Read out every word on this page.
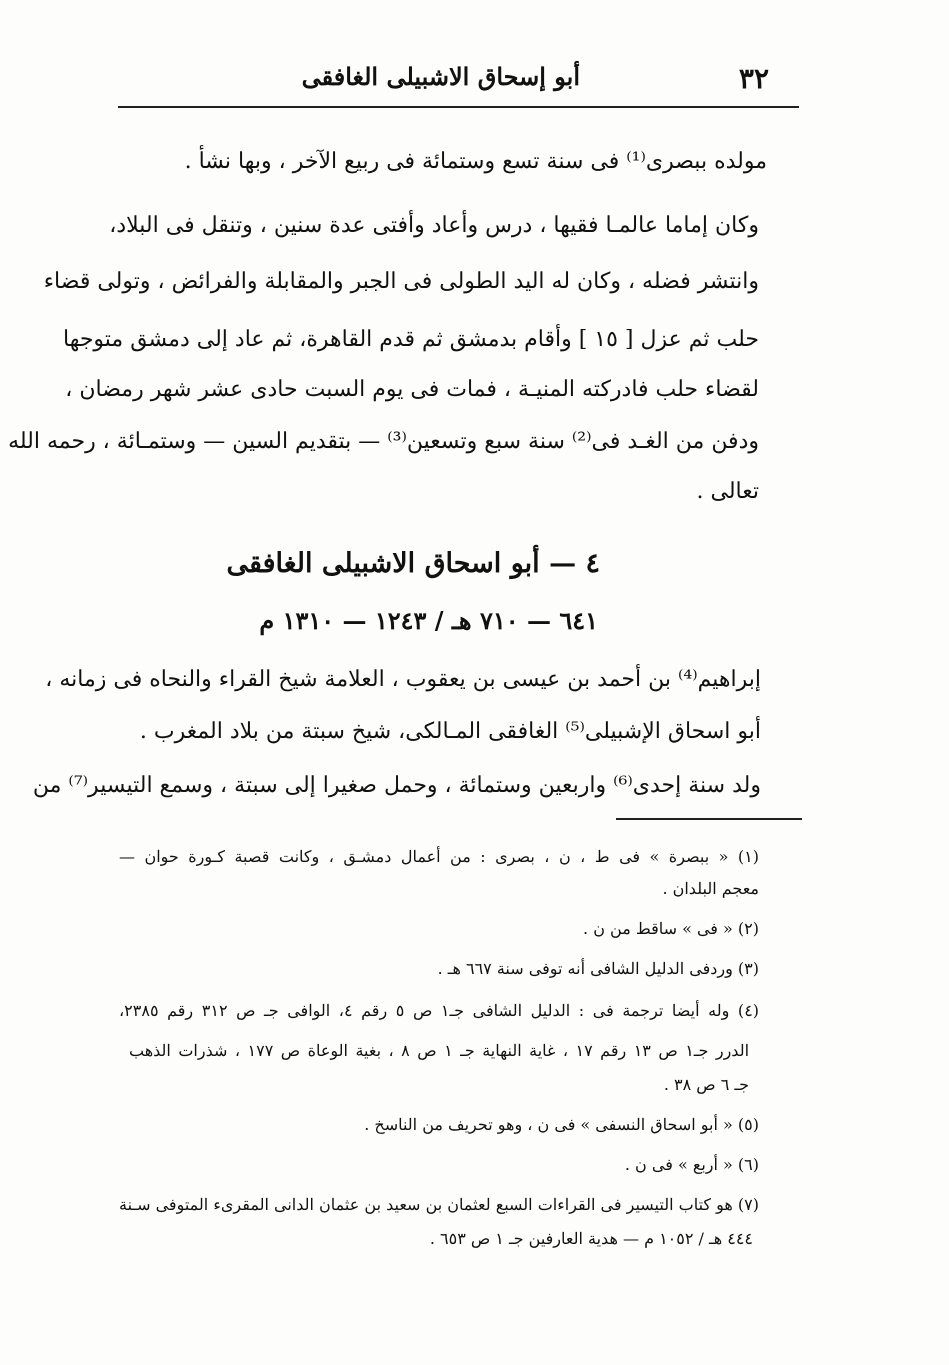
٣٢
أبو إسحاق الاشبيلى الغافقى

مولده ببصرى⁽¹⁾ فى سنة تسع وستمائة فى ربيع الآخر ، وبها نشأ .

وكان إماما عالمـا فقيها ، درس وأعاد وأفتى عدة سنين ، وتنقل فى البلاد،

وانتشر فضله ، وكان له اليد الطولى فى الجبر والمقابلة والفرائض ، وتولى قضاء

حلب ثم عزل [ ١٥ ] وأقام بدمشق ثم قدم القاهرة، ثم عاد إلى دمشق متوجها

لقضاء حلب فادركته المنيـة ، فمات فى يوم السبت حادى عشر شهر رمضان ،

ودفن من الغـد فى⁽²⁾ سنة سبع وتسعين⁽³⁾ — بتقديم السين — وستمـائة ، رحمه الله

تعالى .

٤ — أبو اسحاق الاشبيلى الغافقى
٦٤١ — ٧١٠ هـ / ١٢٤٣ — ١٣١٠ م

إبراهيم⁽⁴⁾ بن أحمد بن عيسى بن يعقوب ، العلامة شيخ القراء والنحاه فى زمانه ،

أبو اسحاق الإشبيلى⁽⁵⁾ الغافقى المـالكى، شيخ سبتة من بلاد المغرب .

ولد سنة إحدى⁽⁶⁾ واربعين وستمائة ، وحمل صغيرا إلى سبتة ، وسمع التيسير⁽⁷⁾ من

(١) « ببصرة » فى ط ، ن ، بصرى : من أعمال دمشـق ، وكانت قصبة كـورة حوان —

معجم البلدان .

(٢) « فى » ساقط من ن .

(٣) وردفى الدليل الشافى أنه توفى سنة ٦٦٧ هـ .

(٤) وله أيضا ترجمة فى : الدليل الشافى جـ١ ص ٥ رقم ٤، الوافى جـ ص ٣١٢ رقم ٢٣٨٥،

الدرر جـ١ ص ١٣ رقم ١٧ ، غاية النهاية جـ ١ ص ٨ ، بغية الوعاة ص ١٧٧ ، شذرات الذهب

جـ ٦ ص ٣٨ .

(٥) « أبو اسحاق النسفى » فى ن ، وهو تحريف من الناسخ .

(٦) « أربع » فى ن .

(٧) هو كتاب التيسير فى القراءات السبع لعثمان بن سعيد بن عثمان الدانى المقرىء المتوفى سـنة

٤٤٤ هـ / ١٠٥٢ م — هدية العارفين جـ ١ ص ٦٥٣ .
